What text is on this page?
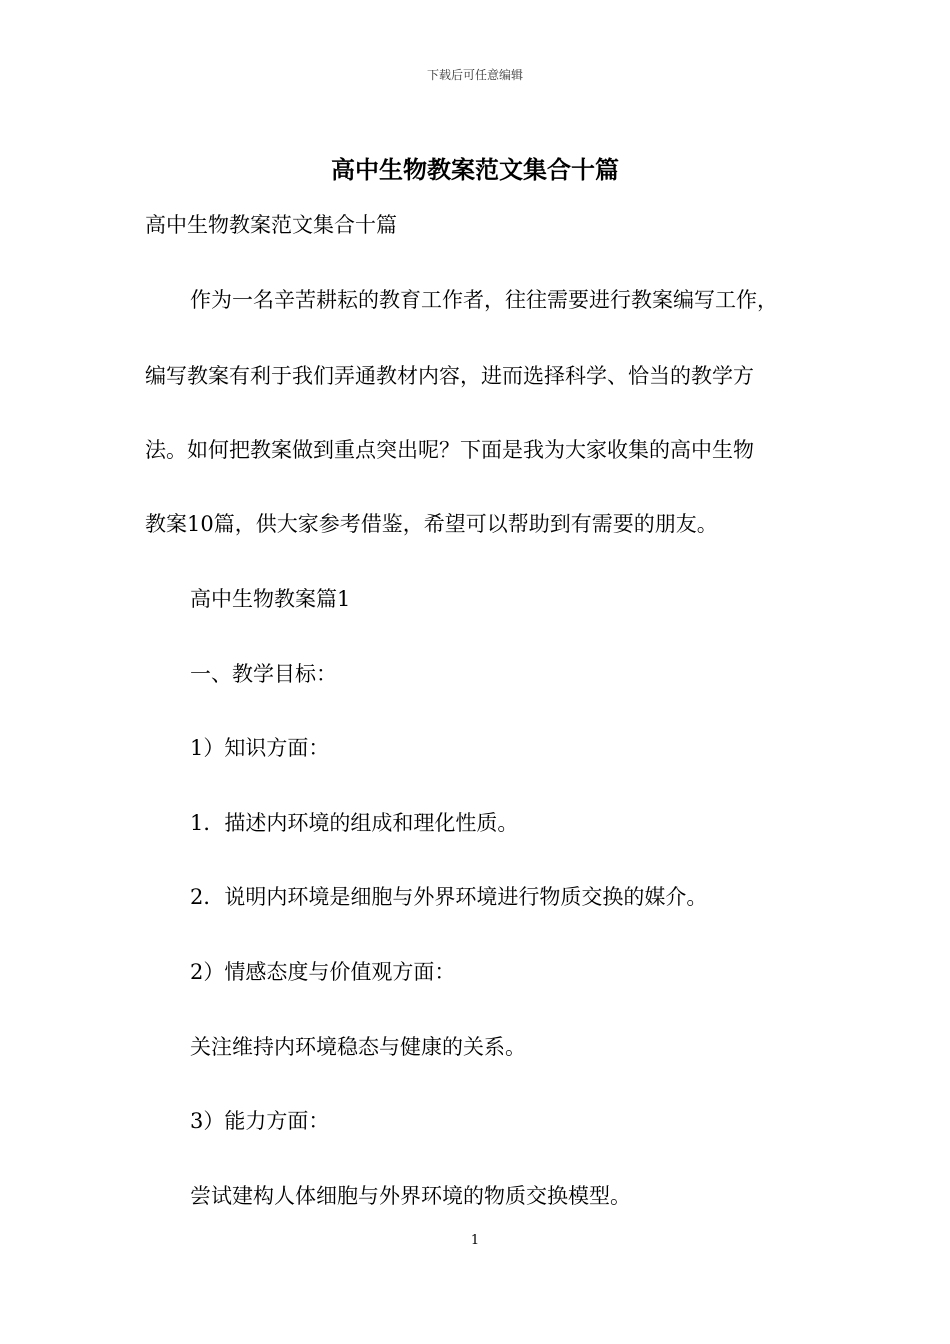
下载后可任意编辑
高中生物教案范文集合十篇
高中生物教案范文集合十篇
作为一名辛苦耕耘的教育工作者，往往需要进行教案编写工作，
编写教案有利于我们弄通教材内容，进而选择科学、恰当的教学方
法。如何把教案做到重点突出呢？下面是我为大家收集的高中生物
教案10篇，供大家参考借鉴，希望可以帮助到有需要的朋友。
高中生物教案篇1
一、教学目标：
1）知识方面：
1．描述内环境的组成和理化性质。
2．说明内环境是细胞与外界环境进行物质交换的媒介。
2）情感态度与价值观方面：
关注维持内环境稳态与健康的关系。
3）能力方面：
尝试建构人体细胞与外界环境的物质交换模型。
1
